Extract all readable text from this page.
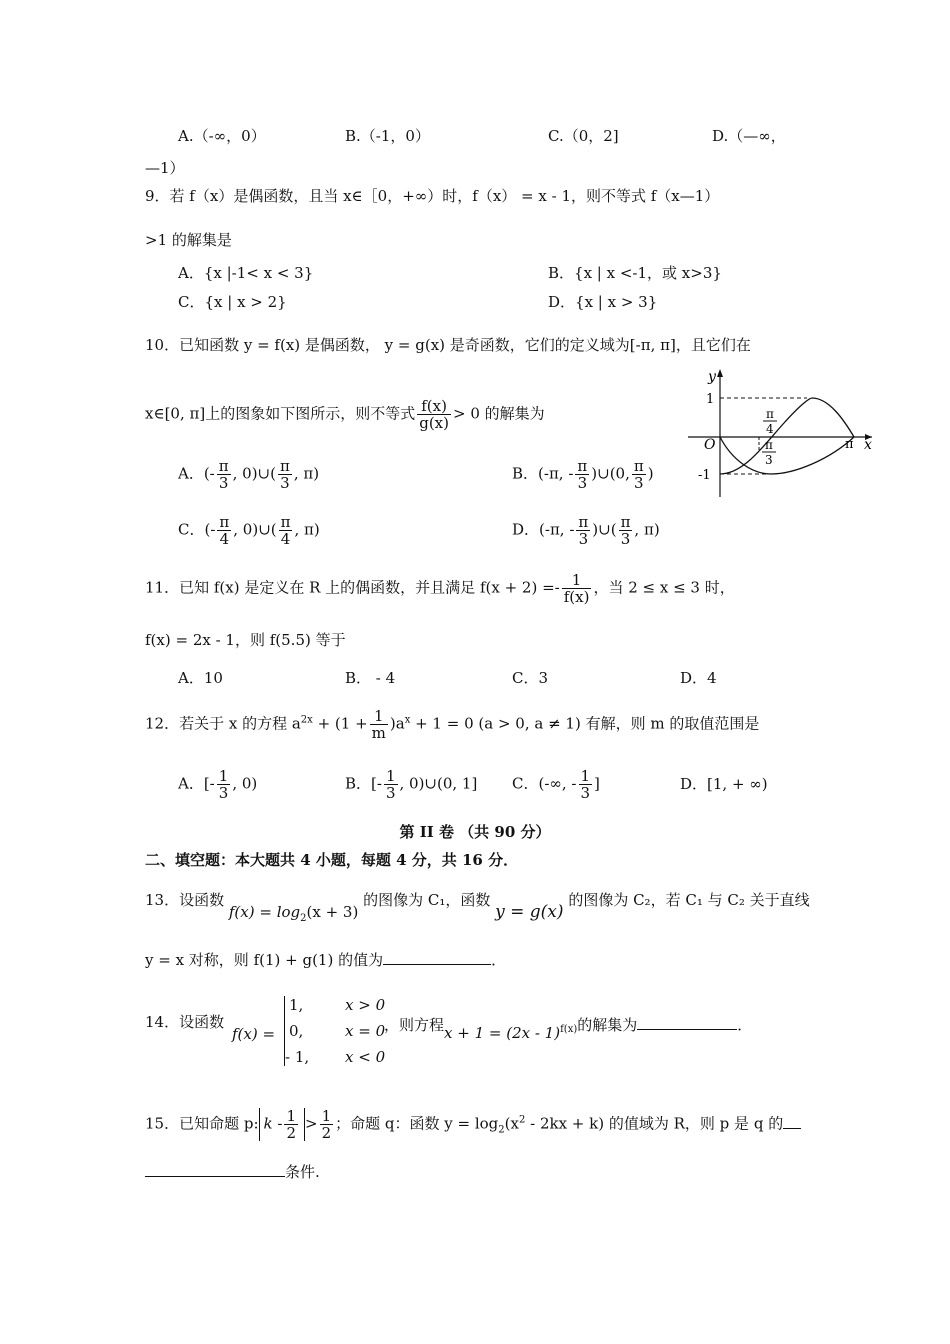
A.（-∞，0）	B.（-1，0）	C.（0，2]	D.（—∞，
—1）
9．若 f（x）是偶函数，且当 x∈［0，+∞）时，f（x） = x - 1，则不等式 f（x—1）
>1 的解集是
A．{x |-1< x < 3}	B．{x | x <-1，或 x>3}
C．{x | x > 2}	D．{x | x > 3}
10．已知函数 y = f(x) 是偶函数， y = g(x) 是奇函数，它们的定义域为[-π, π]，且它们在
x∈[0, π]上的图象如下图所示，则不等式 $\frac{f(x)}{g(x)} > 0$ 的解集为
A．(- $\frac{\pi}{3}$ , 0)∪( $\frac{\pi}{3}$ , π)	B．(-π, - $\frac{\pi}{3}$ )∪(0, $\frac{\pi}{3}$ )
C．(- $\frac{\pi}{4}$ , 0)∪( $\frac{\pi}{4}$ , π)	D．(-π, - $\frac{\pi}{3}$ )∪( $\frac{\pi}{3}$ , π)
y
x
1
-1
O	π
π
4
π
3
11．已知 f(x) 是定义在 R 上的偶函数，并且满足 $f(x + 2) =- \frac{1}{f(x)}$ ，当 2 ≤ x ≤ 3 时，
f(x) = 2x - 1，则 f(5.5) 等于
A．10	B． - 4	C．3	D．4
12．若关于 x 的方程 $a^{2x} + (1 + \frac{1}{m} )a^x + 1 = 0$ (a > 0, a ≠ 1) 有解，则 m 的取值范围是
A．[- $\frac{1}{3}$ , 0)	B．[- $\frac{1}{3}$ , 0)∪(0, 1] C．(-∞, - $\frac{1}{3}$ ]	D．[1, + ∞)
第 II 卷 （共 90 分）
二、填空题：本大题共 4 小题，每题 4 分，共 16 分．
13．设函数 $f(x) = \log_2(x + 3)$ 的图像为 C₁，函数 y = g(x) 的图像为 C₂，若 C₁ 与 C₂ 关于直线
y = x 对称，则 f(1) + g(1) 的值为	．
14．设函数
f(x) =
1,	x > 0
0,	x = 0
- 1, x < 0
，则方程x + 1 = (2x - 1)$^{f(x)}$的解集为	．
15．已知命题 p: $k - \frac{1}{2} > \frac{1}{2}$ ；命题 q：函数 $y = \log_2(x^2 - 2kx + k)$ 的值域为 R，则 p 是 q 的
条件.
